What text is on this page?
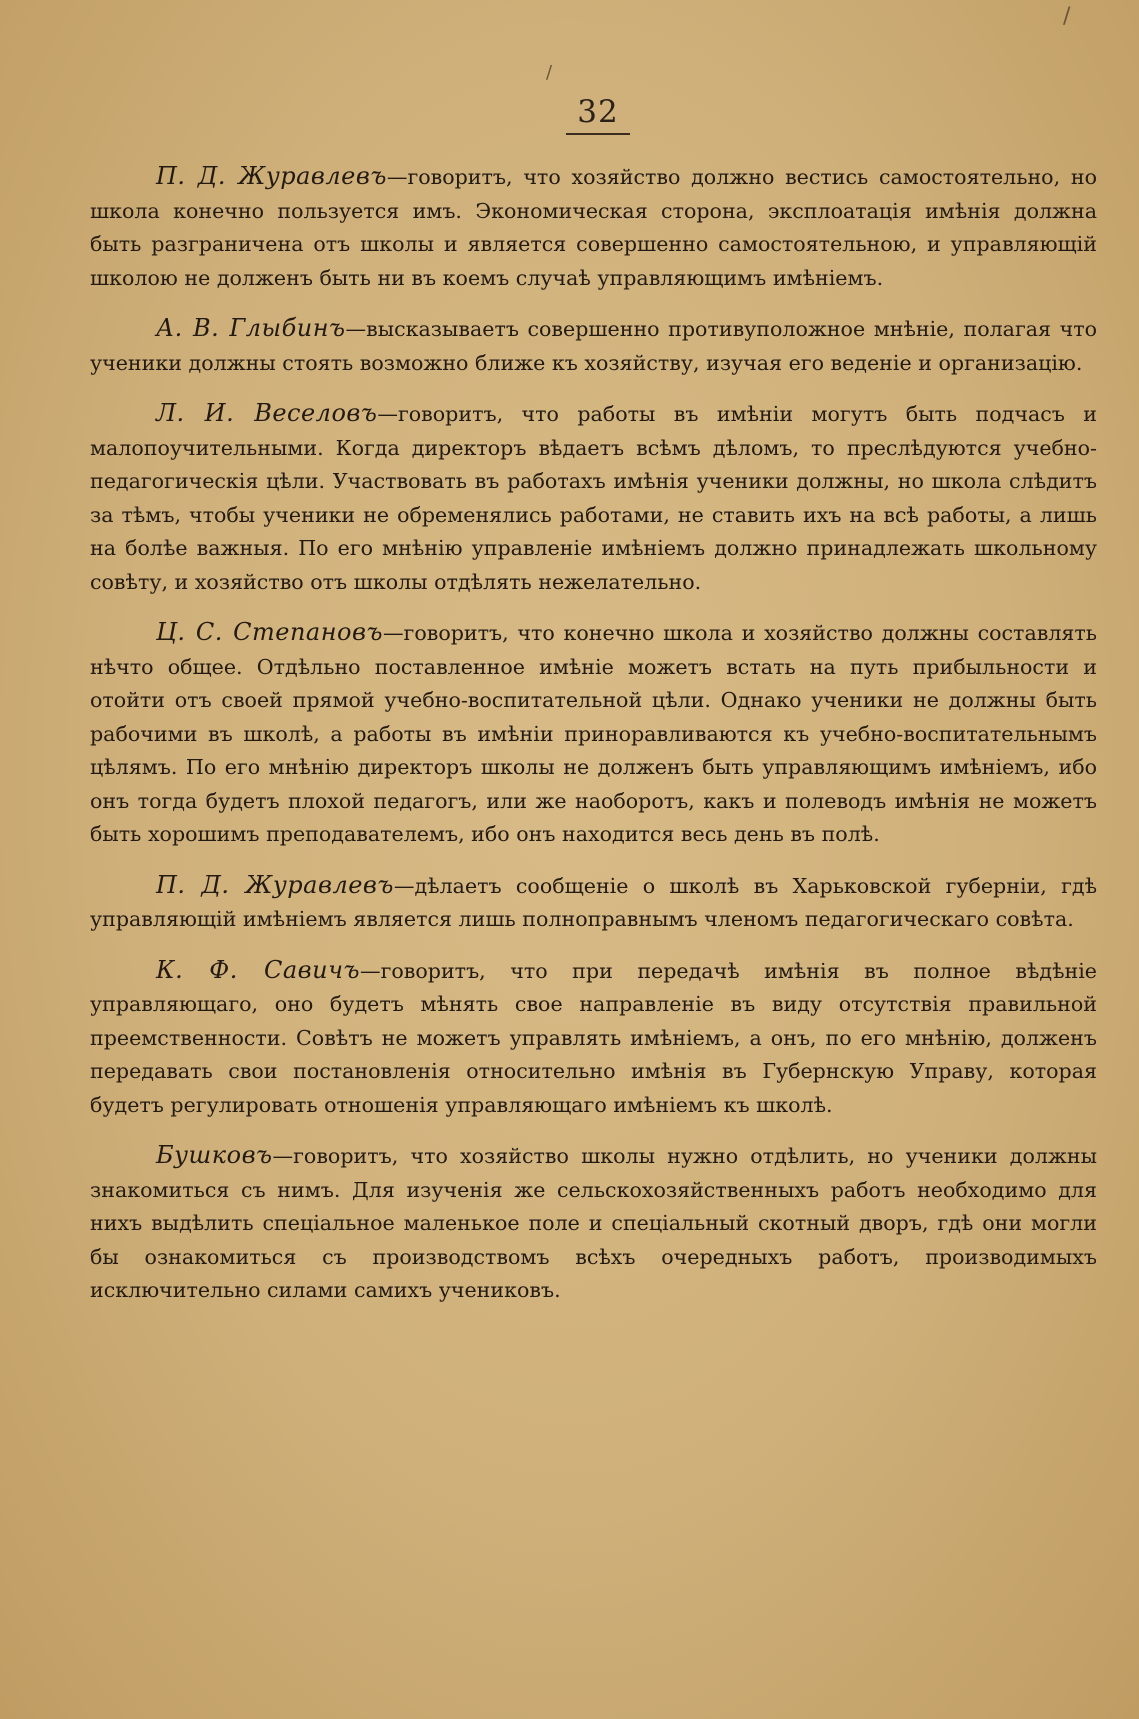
/
/
32

П. Д. Журавлевъ—говоритъ, что хозяйство должно вестись самостоятельно, но школа конечно пользуется имъ. Экономическая сторона, эксплоатація имѣнія должна быть разграничена отъ школы и является совершенно самостоятельною, и управляющій школою не долженъ быть ни въ коемъ случаѣ управляющимъ имѣніемъ.

А. В. Глыбинъ—высказываетъ совершенно противуположное мнѣніе, полагая что ученики должны стоять возможно ближе къ хозяйству, изучая его веденіе и организацію.

Л. И. Веселовъ—говоритъ, что работы въ имѣніи могутъ быть подчасъ и малопоучительными. Когда директоръ вѣдаетъ всѣмъ дѣломъ, то преслѣдуются учебно-педагогическія цѣли. Участвовать въ работахъ имѣнія ученики должны, но школа слѣдитъ за тѣмъ, чтобы ученики не обременялись работами, не ставить ихъ на всѣ работы, а лишь на болѣе важныя. По его мнѣнію управленіе имѣніемъ должно принадлежать школьному совѣту, и хозяйство отъ школы отдѣлять нежелательно.

Ц. С. Степановъ—говоритъ, что конечно школа и хозяйство должны составлять нѣчто общее. Отдѣльно поставленное имѣніе можетъ встать на путь прибыльности и отойти отъ своей прямой учебно-воспитательной цѣли. Однако ученики не должны быть рабочими въ школѣ, а работы въ имѣніи приноравливаются къ учебно-воспитательнымъ цѣлямъ. По его мнѣнію директоръ школы не долженъ быть управляющимъ имѣніемъ, ибо онъ тогда будетъ плохой педагогъ, или же наоборотъ, какъ и полеводъ имѣнія не можетъ быть хорошимъ преподавателемъ, ибо онъ находится весь день въ полѣ.

П. Д. Журавлевъ—дѣлаетъ сообщеніе о школѣ въ Харьковской губерніи, гдѣ управляющій имѣніемъ является лишь полноправнымъ членомъ педагогическаго совѣта.

К. Ф. Савичъ—говоритъ, что при передачѣ имѣнія въ полное вѣдѣніе управляющаго, оно будетъ мѣнять свое направленіе въ виду отсутствія правильной преемственности. Совѣтъ не можетъ управлять имѣніемъ, а онъ, по его мнѣнію, долженъ передавать свои постановленія относительно имѣнія въ Губернскую Управу, которая будетъ регулировать отношенія управляющаго имѣніемъ къ школѣ.

Бушковъ—говоритъ, что хозяйство школы нужно отдѣлить, но ученики должны знакомиться съ нимъ. Для изученія же сельскохозяйственныхъ работъ необходимо для нихъ выдѣлить спеціальное маленькое поле и спеціальный скотный дворъ, гдѣ они могли бы ознакомиться съ производствомъ всѣхъ очередныхъ работъ, производимыхъ исключительно силами самихъ учениковъ.
